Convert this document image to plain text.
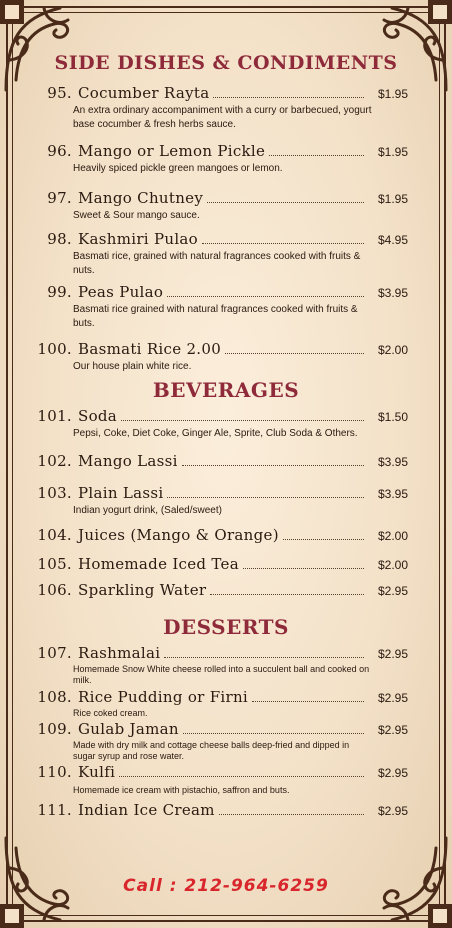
SIDE DISHES & CONDIMENTS
BEVERAGES
DESSERTS
95. Cocumber Rayta	$1.95
An extra ordinary accompaniment with a curry or barbecued, yogurt base cocumber & fresh herbs sauce.
96. Mango or Lemon Pickle	$1.95
Heavily spiced pickle green mangoes or lemon.
97. Mango Chutney	$1.95
Sweet & Sour mango sauce.
98. Kashmiri Pulao	$4.95
Basmati rice, grained with natural fragrances cooked with fruits & nuts.
99. Peas Pulao	$3.95
Basmati rice grained with natural fragrances cooked with fruits & buts.
100. Basmati Rice 2.00	$2.00
Our house plain white rice.
101. Soda	$1.50
Pepsi, Coke, Diet Coke, Ginger Ale, Sprite, Club Soda & Others.
102. Mango Lassi	$3.95
103. Plain Lassi	$3.95
Indian yogurt drink, (Saled/sweet)
104. Juices (Mango & Orange)	$2.00
105. Homemade Iced Tea	$2.00
106. Sparkling Water	$2.95
107. Rashmalai	$2.95
Homemade Snow White cheese rolled into a succulent ball and cooked on milk.
108. Rice Pudding or Firni	$2.95
Rice coked cream.
109. Gulab Jaman	$2.95
Made with dry milk and cottage cheese balls deep-fried and dipped in sugar syrup and rose water.
110. Kulfi	$2.95
Homemade ice cream with pistachio, saffron and buts.
111. Indian Ice Cream	$2.95
Call : 212-964-6259
